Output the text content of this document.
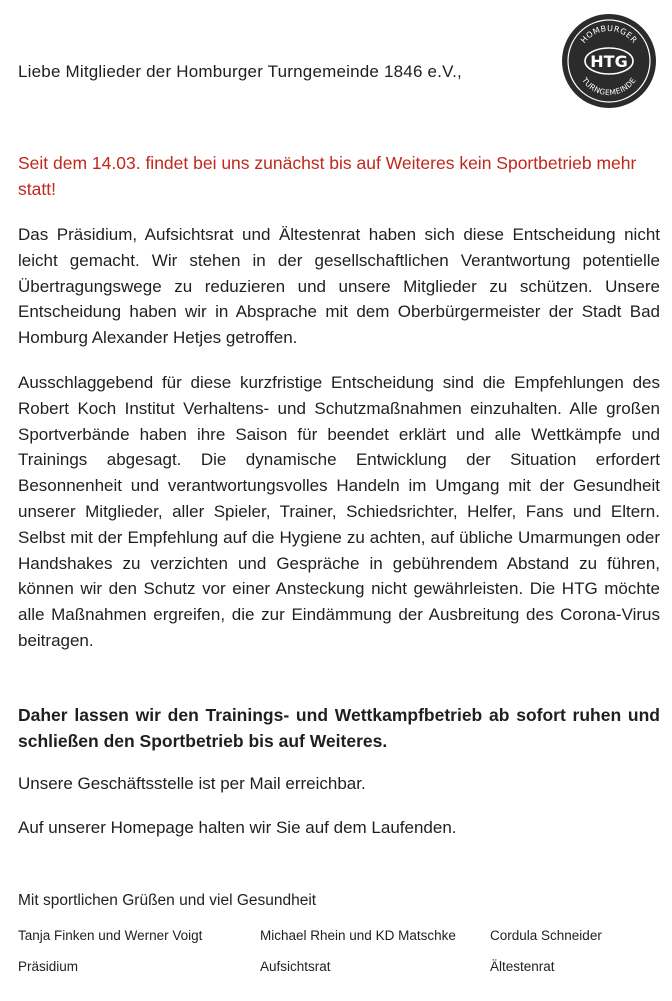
Liebe Mitglieder der Homburger Turngemeinde 1846 e.V.,
HOMBURGER
HTG
TURNGEMEINDE
Seit dem 14.03. findet bei uns zunächst bis auf Weiteres kein Sportbetrieb mehr statt!
Das Präsidium, Aufsichtsrat und Ältestenrat haben sich diese Entscheidung nicht leicht gemacht. Wir stehen in der gesellschaftlichen Verantwortung potentielle Übertragungswege zu reduzieren und unsere Mitglieder zu schützen. Unsere Entscheidung haben wir in Absprache mit dem Oberbürgermeister der Stadt Bad Homburg Alexander Hetjes getroffen.
Ausschlaggebend für diese kurzfristige Entscheidung sind die Empfehlungen des Robert Koch Institut Verhaltens- und Schutzmaßnahmen einzuhalten. Alle großen Sportverbände haben ihre Saison für beendet erklärt und alle Wettkämpfe und Trainings abgesagt. Die dynamische Entwicklung der Situation erfordert Besonnenheit und verantwortungsvolles Handeln im Umgang mit der Gesundheit unserer Mitglieder, aller Spieler, Trainer, Schiedsrichter, Helfer, Fans und Eltern. Selbst mit der Empfehlung auf die Hygiene zu achten, auf übliche Umarmungen oder Handshakes zu verzichten und Gespräche in gebührendem Abstand zu führen, können wir den Schutz vor einer Ansteckung nicht gewährleisten. Die HTG möchte alle Maßnahmen ergreifen, die zur Eindämmung der Ausbreitung des Corona-Virus beitragen.
Daher lassen wir den Trainings- und Wettkampfbetrieb ab sofort ruhen und schließen den Sportbetrieb bis auf Weiteres.
Unsere Geschäftsstelle ist per Mail erreichbar.
Auf unserer Homepage halten wir Sie auf dem Laufenden.
Mit sportlichen Grüßen und viel Gesundheit
Tanja Finken und Werner Voigt	Michael Rhein und KD Matschke	Cordula Schneider
Präsidium	Aufsichtsrat	Ältestenrat
